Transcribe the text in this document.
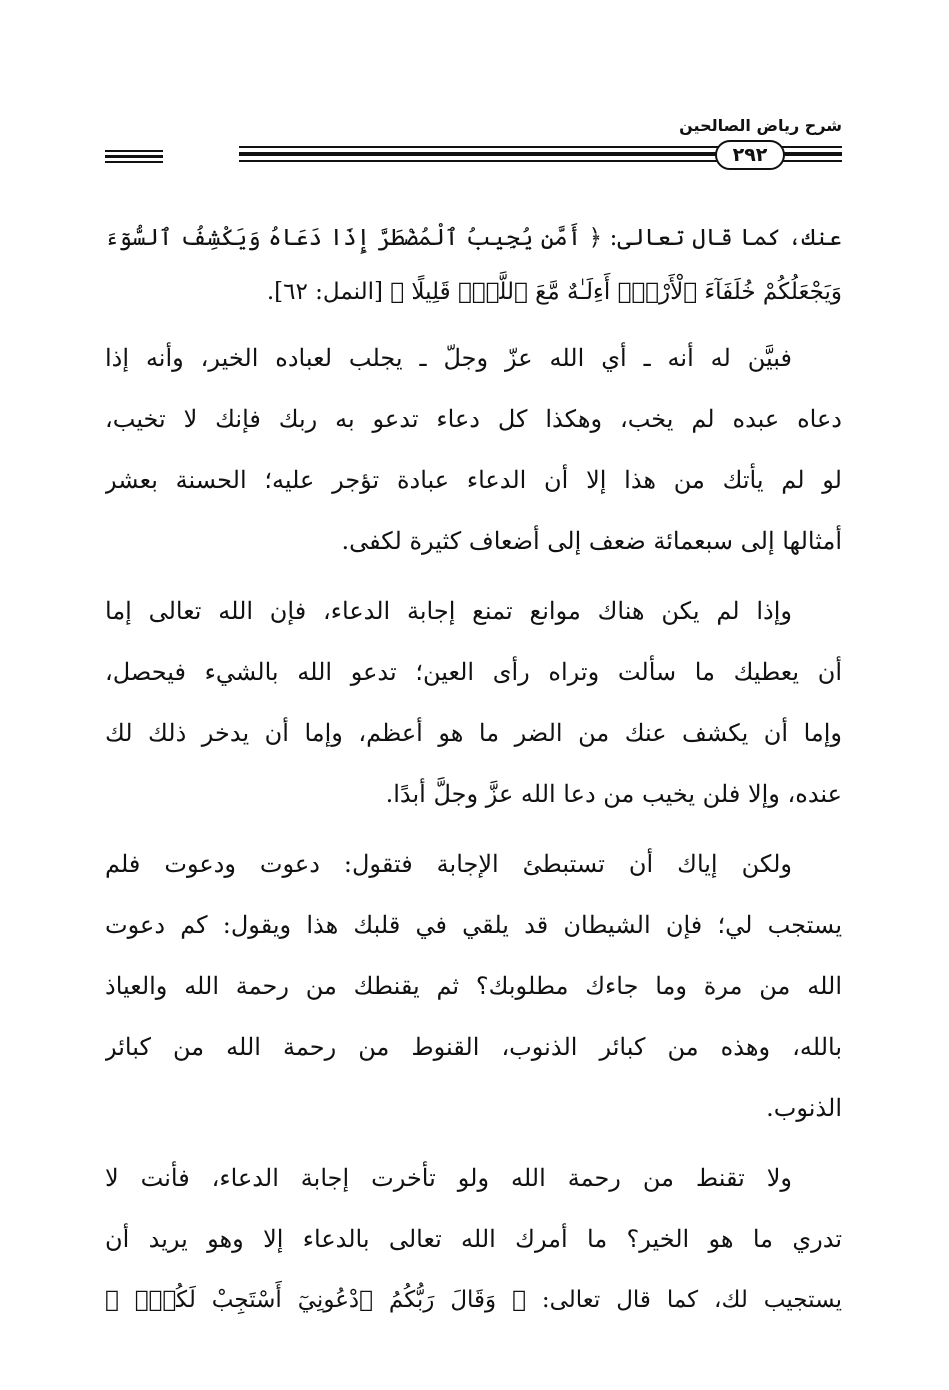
شرح رياض الصالحين
٢٩٢
عنك، كما قال تعالى: ﴿ أَمَّن يُجِيبُ ٱلْمُضْطَرَّ إِذَا دَعَاهُ وَيَكْشِفُ ٱلسُّوٓءَ
وَيَجْعَلُكُمْ خُلَفَآءَ ٱلْأَرْضِۗ أَءِلَـٰهٌ مَّعَ ٱللَّهِۚ قَلِيلًا ﴾ [النمل: ٦٢].
فبيَّن له أنه ـ أي الله عزّ وجلّ ـ يجلب لعباده الخير، وأنه إذا
دعاه عبده لم يخب، وهكذا كل دعاء تدعو به ربك فإنك لا تخيب،
لو لم يأتك من هذا إلا أن الدعاء عبادة تؤجر عليه؛ الحسنة بعشر
أمثالها إلى سبعمائة ضعف إلى أضعاف كثيرة لكفى.
وإذا لم يكن هناك موانع تمنع إجابة الدعاء، فإن الله تعالى إما
أن يعطيك ما سألت وتراه رأى العين؛ تدعو الله بالشيء فيحصل،
وإما أن يكشف عنك من الضر ما هو أعظم، وإما أن يدخر ذلك لك
عنده، وإلا فلن يخيب من دعا الله عزَّ وجلَّ أبدًا.
ولكن إياك أن تستبطئ الإجابة فتقول: دعوت ودعوت فلم
يستجب لي؛ فإن الشيطان قد يلقي في قلبك هذا ويقول: كم دعوت
الله من مرة وما جاءك مطلوبك؟ ثم يقنطك من رحمة الله والعياذ
بالله، وهذه من كبائر الذنوب، القنوط من رحمة الله من كبائر
الذنوب.
ولا تقنط من رحمة الله ولو تأخرت إجابة الدعاء، فأنت لا
تدري ما هو الخير؟ ما أمرك الله تعالى بالدعاء إلا وهو يريد أن
يستجيب لك، كما قال تعالى: ﴿ وَقَالَ رَبُّكُمُ ٱدْعُونِيٓ أَسْتَجِبْ لَكُمْۚ ﴾
